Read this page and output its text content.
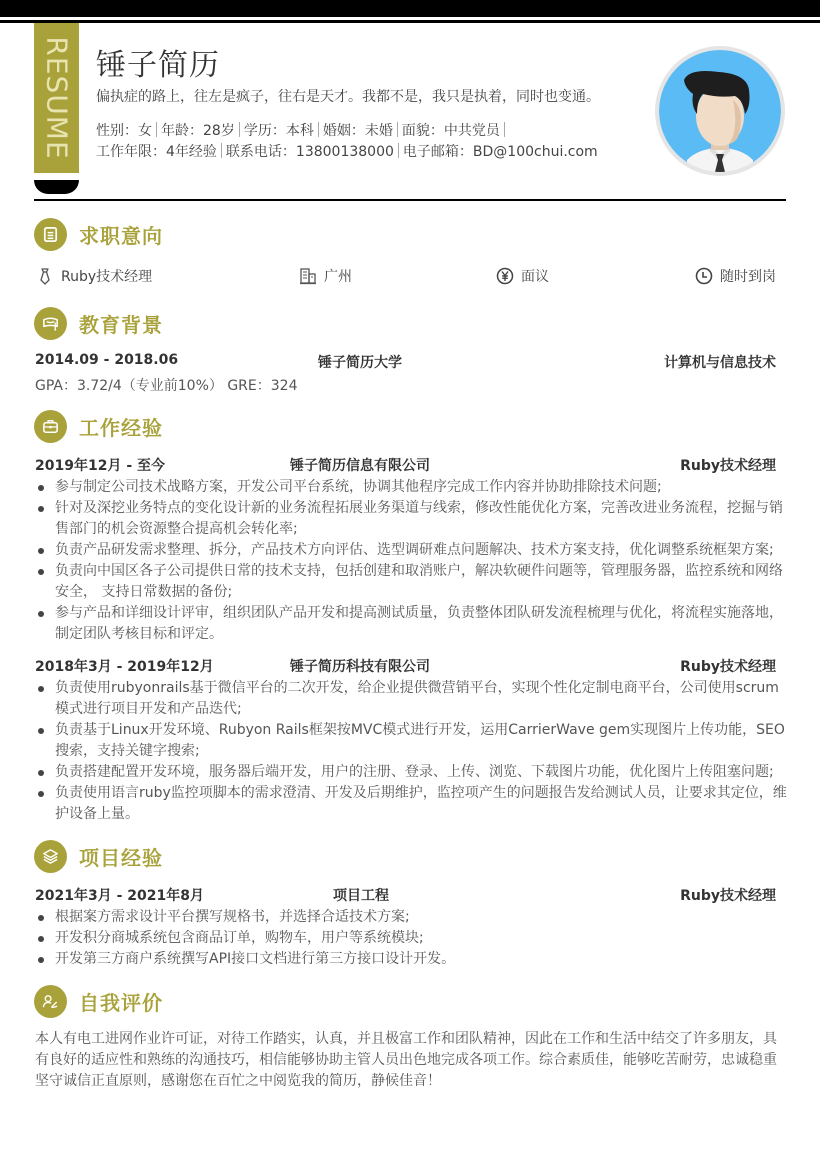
RESUME 锤子简历

偏执症的路上，往左是疯子，往右是天才。我都不是，我只是执着，同时也变通。

性别：女 年龄：28岁 学历：本科 婚姻：未婚 面貌：中共党员
工作年限：4年经验 联系电话：13800138000 电子邮箱：BD@100chui.com
求职意向
Ruby技术经理	广州	面议	随时到岗
教育背景
2014.09 - 2018.06	锤子简历大学	计算机与信息技术
GPA：3.72/4（专业前10%） GRE：324
工作经验
2019年12月 - 至今	锤子简历信息有限公司	Ruby技术经理
参与制定公司技术战略方案，开发公司平台系统，协调其他程序完成工作内容并协助排除技术问题;
针对及深挖业务特点的变化设计新的业务流程拓展业务渠道与线索，修改性能优化方案，完善改进业务流程，挖掘与销售部门的机会资源整合提高机会转化率;
负责产品研发需求整理、拆分，产品技术方向评估、选型调研难点问题解决、技术方案支持，优化调整系统框架方案;
负责向中国区各子公司提供日常的技术支持，包括创建和取消账户，解决软硬件问题等，管理服务器，监控系统和网络安全， 支持日常数据的备份;
参与产品和详细设计评审，组织团队产品开发和提高测试质量，负责整体团队研发流程梳理与优化，将流程实施落地，制定团队考核目标和评定。
2018年3月 - 2019年12月	锤子简历科技有限公司	Ruby技术经理
负责使用rubyonrails基于微信平台的二次开发，给企业提供微营销平台，实现个性化定制电商平台，公司使用scrum模式进行项目开发和产品迭代;
负责基于Linux开发环境、Rubyon Rails框架按MVC模式进行开发，运用CarrierWave gem实现图片上传功能，SEO搜索，支持关键字搜索;
负责搭建配置开发环境，服务器后端开发，用户的注册、登录、上传、浏览、下载图片功能，优化图片上传阻塞问题;
负责使用语言ruby监控项脚本的需求澄清、开发及后期维护，监控项产生的问题报告发给测试人员，让要求其定位，维护设备上量。
项目经验
2021年3月 - 2021年8月	项目工程	Ruby技术经理
根据案方需求设计平台撰写规格书，并选择合适技术方案;
开发积分商城系统包含商品订单，购物车，用户等系统模块;
开发第三方商户系统撰写API接口文档进行第三方接口设计开发。
自我评价

本人有电工进网作业许可证，对待工作踏实，认真，并且极富工作和团队精神，因此在工作和生活中结交了许多朋友，具有良好的适应性和熟练的沟通技巧，相信能够协助主管人员出色地完成各项工作。综合素质佳，能够吃苦耐劳，忠诚稳重坚守诚信正直原则，感谢您在百忙之中阅览我的简历，静候佳音！
